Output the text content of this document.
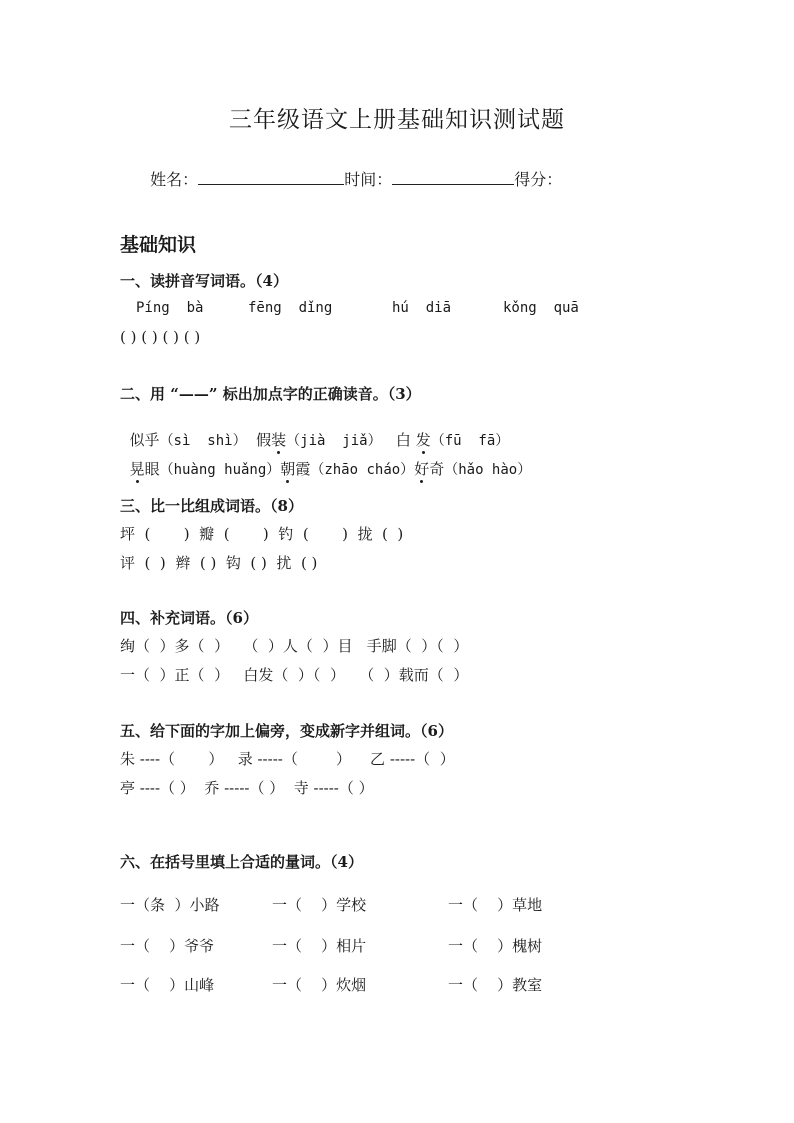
三年级语文上册基础知识测试题

姓名：	时间：	得分：

基础知识
一、读拼音写词语。（4）
Píng  bà	fēng  dǐng	hú  diā	kǒng  quā
( ) ( ) ( ) ( )
二、用 “——” 标出加点字的正确读音。（3）

似乎（sì  shì） 假装（jià  jiǎ） 白 发（fū  fā）

晃眼（huàng huǎng）朝霞（zhāo cháo）好奇（hǎo hào）

三、比一比组成词语。（8）
坪  (       )  瓣  (       )  钓  (       )  拢  (  )
评  (  )  辫  ( )  钩  ( )  扰  ( )
四、补充词语。（6）
绚（  ）多（  ）   （  ）人（  ）目   手脚（  ）（  ）
一（  ）正（  ）   白发（  ）（  ）   （  ）载而（  ）
五、给下面的字加上偏旁，变成新字并组词。（6）
朱 ----（       ）   录 -----（        ）    乙 -----（  ）
亭 ----（ ）  乔 -----（ ）  寺 -----（ ）
六、在括号里填上合适的量词。（4）
一（条  ）小路	一（    ）学校	一（    ）草地
一（    ）爷爷	一（    ）相片	一（    ）槐树
一（    ）山峰	一（    ）炊烟	一（    ）教室
